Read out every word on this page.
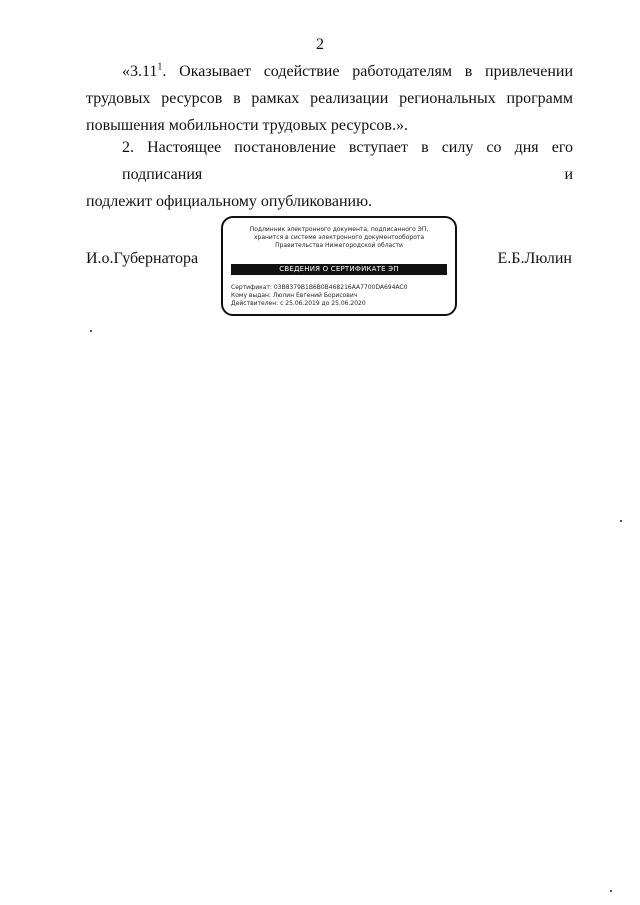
2
«3.11$^1$. Оказывает содействие работодателям в привлечении
трудовых ресурсов в рамках реализации региональных программ
повышения мобильности трудовых ресурсов.».
2. Настоящее постановление вступает в силу со дня его подписания и
подлежит официальному опубликованию.
И.о.Губернатора	Е.Б.Люлин
Подлинник электронного документа, подписанного ЭП,
хранится в системе электронного документооборота
Правительства Нижегородской области
СВЕДЕНИЯ О СЕРТИФИКАТЕ ЭП
Сертификат: 03B8379B1B6B0B468216AA7700DA694AC0
Кому выдан: Люлин Евгений Борисович
Действителен: с 25.06.2019 до 25.06.2020
